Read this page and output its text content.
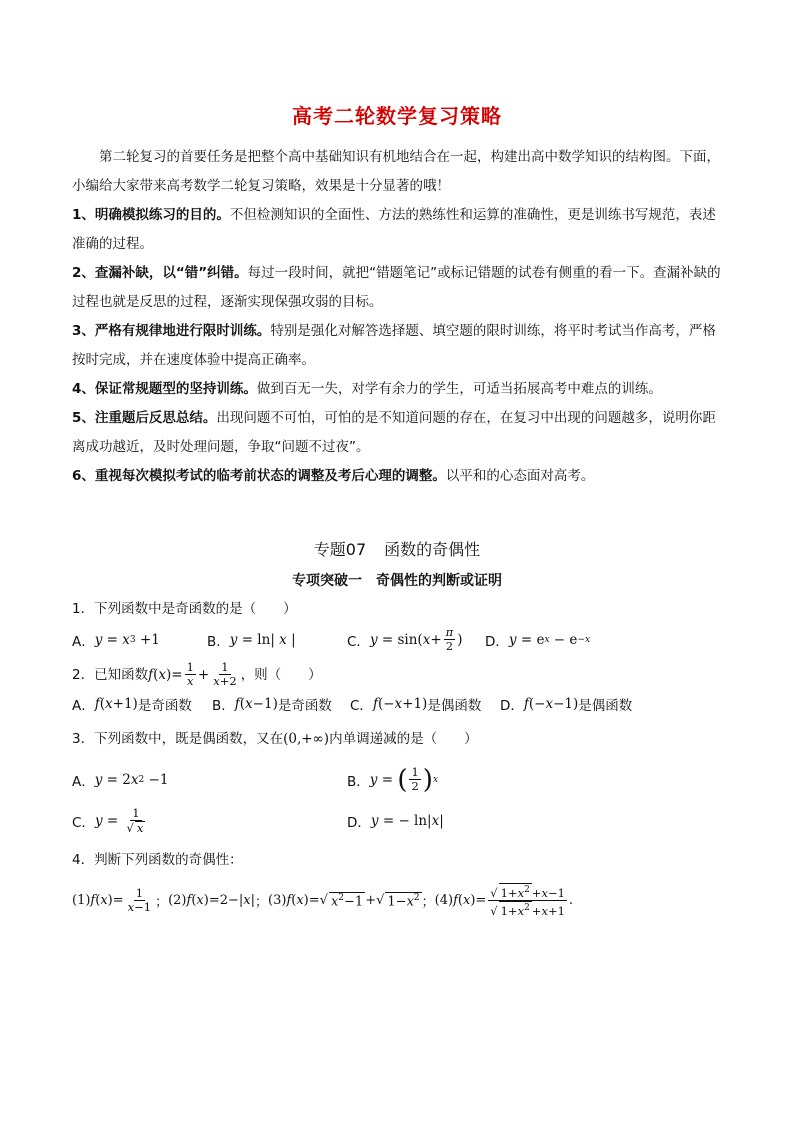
高考二轮数学复习策略

第二轮复习的首要任务是把整个高中基础知识有机地结合在一起，构建出高中数学知识的结构图。下面，小编给大家带来高考数学二轮复习策略，效果是十分显著的哦！

1、明确模拟练习的目的。不但检测知识的全面性、方法的熟练性和运算的准确性，更是训练书写规范，表述准确的过程。

2、查漏补缺，以“错”纠错。每过一段时间，就把“错题笔记”或标记错题的试卷有侧重的看一下。查漏补缺的过程也就是反思的过程，逐渐实现保强攻弱的目标。

3、严格有规律地进行限时训练。特别是强化对解答选择题、填空题的限时训练，将平时考试当作高考，严格按时完成，并在速度体验中提高正确率。

4、保证常规题型的坚持训练。做到百无一失，对学有余力的学生，可适当拓展高考中难点的训练。

5、注重题后反思总结。出现问题不可怕，可怕的是不知道问题的存在，在复习中出现的问题越多，说明你距离成功越近，及时处理问题，争取“问题不过夜”。

6、重视每次模拟考试的临考前状态的调整及考后心理的调整。以平和的心态面对高考。

专题07 函数的奇偶性
专项突破一　奇偶性的判断或证明
1．下列函数中是奇函数的是（　　）
A． y = x 3 +1	B． y = ln| x |	C． y = sin( $x + \frac{\pi}{2}$ ) D． y = e x − e −x
2．已知函数 f ( x )= $\frac{1}{x} + \frac{1}{x+2}$ ，则（　　）
A． f ( x +1) 是奇函数 B． f ( x −1) 是奇函数 C． f (− x +1) 是偶函数 D． f (− x −1) 是偶函数
3．下列函数中，既是偶函数，又在 (0,+∞) 内单调递减的是（　　）
A． y = 2 x 2 −1	B． y = ( $\frac{1}{2}$ ) x
C． y = 1
√ x	D． y = − ln| x |
4．判断下列函数的奇偶性：
(1) f ( x )= $\frac{1}{x-1}$ ； (2) f ( x )=2−| x | ； (3) f ( x )= √ $x^2-1$ + √ $1-x^2$ ； (4) f ( x )=
√ $1+x^2 +x-1$
√ $1+x^2 +x+1$ .
